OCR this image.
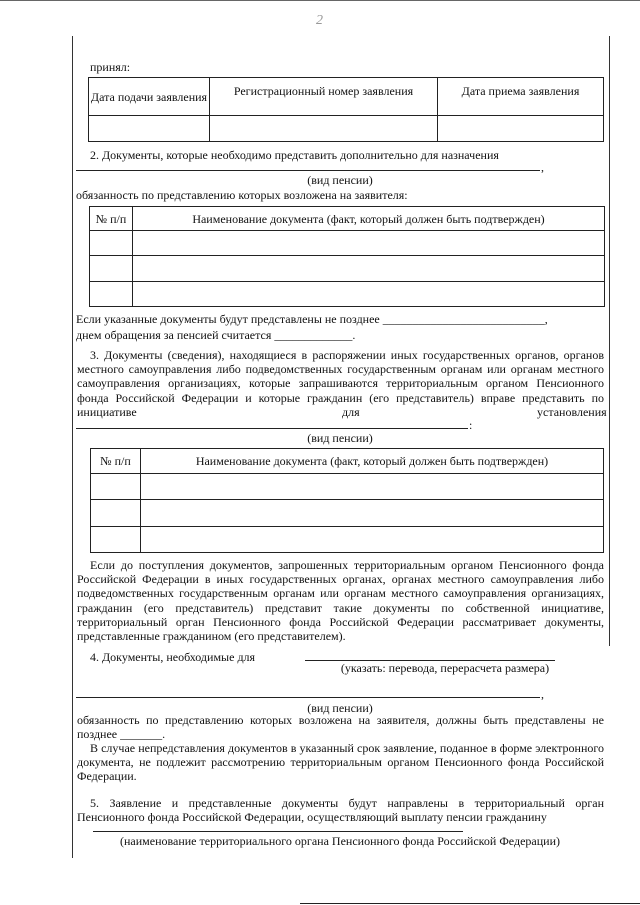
2
принял:
Дата подачи заявления	Регистрационный номер заявления	Дата приема заявления

2. Документы, которые необходимо представить дополнительно для назначения
,
(вид пенсии)
обязанность по представлению которых возложена на заявителя:
№ п/п	Наименование документа (факт, который должен быть подтвержден)

Если указанные документы будут представлены не позднее ___________________________,
днем обращения за пенсией считается _____________.
3. Документы (сведения), находящиеся в распоряжении иных государственных органов, органов местного самоуправления либо подведомственных государственным органам или органам местного самоуправления организациях, которые запрашиваются территориальным органом Пенсионного фонда Российской Федерации и которые гражданин (его представитель) вправе представить по
инициативе	для	установления
:
(вид пенсии)
№ п/п	Наименование документа (факт, который должен быть подтвержден)

Если до поступления документов, запрошенных территориальным органом Пенсионного фонда Российской Федерации в иных государственных органах, органах местного самоуправления либо подведомственных государственным органам или органам местного самоуправления организациях, гражданин (его представитель) представит такие документы по собственной инициативе, территориальный орган Пенсионного фонда Российской Федерации рассматривает документы, представленные гражданином (его представителем).
4. Документы, необходимые для
(указать: перевода, перерасчета размера)
,
(вид пенсии)
обязанность по представлению которых возложена на заявителя, должны быть представлены не позднее _______.
В случае непредставления документов в указанный срок заявление, поданное в форме электронного документа, не подлежит рассмотрению территориальным органом Пенсионного фонда Российской Федерации.
5. Заявление и представленные документы будут направлены в территориальный орган Пенсионного фонда Российской Федерации, осуществляющий выплату пенсии гражданину
(наименование территориального органа Пенсионного фонда Российской Федерации)
